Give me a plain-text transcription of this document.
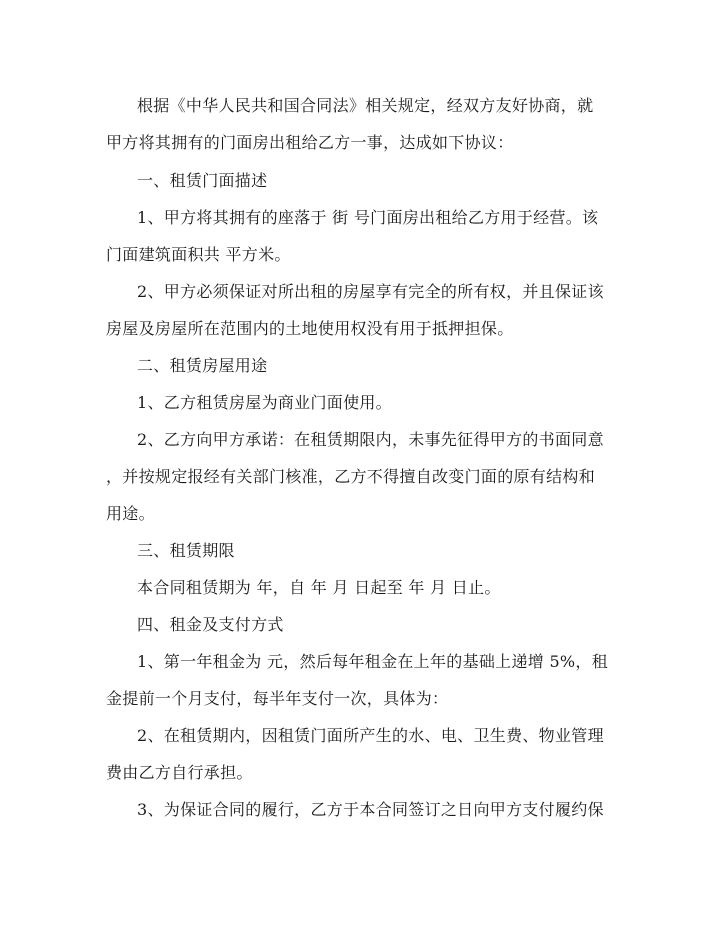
根据《中华人民共和国合同法》相关规定，经双方友好协商，就
甲方将其拥有的门面房出租给乙方一事，达成如下协议：
一、租赁门面描述
1、甲方将其拥有的座落于 街 号门面房出租给乙方用于经营。该
门面建筑面积共 平方米。
2、甲方必须保证对所出租的房屋享有完全的所有权，并且保证该
房屋及房屋所在范围内的土地使用权没有用于抵押担保。
二、租赁房屋用途
1、乙方租赁房屋为商业门面使用。
2、乙方向甲方承诺：在租赁期限内，未事先征得甲方的书面同意
，并按规定报经有关部门核准，乙方不得擅自改变门面的原有结构和
用途。
三、租赁期限
本合同租赁期为 年，自 年 月 日起至 年 月 日止。
四、租金及支付方式
1、第一年租金为 元，然后每年租金在上年的基础上递增 5%，租
金提前一个月支付，每半年支付一次，具体为：
2、在租赁期内，因租赁门面所产生的水、电、卫生费、物业管理
费由乙方自行承担。
3、为保证合同的履行，乙方于本合同签订之日向甲方支付履约保
